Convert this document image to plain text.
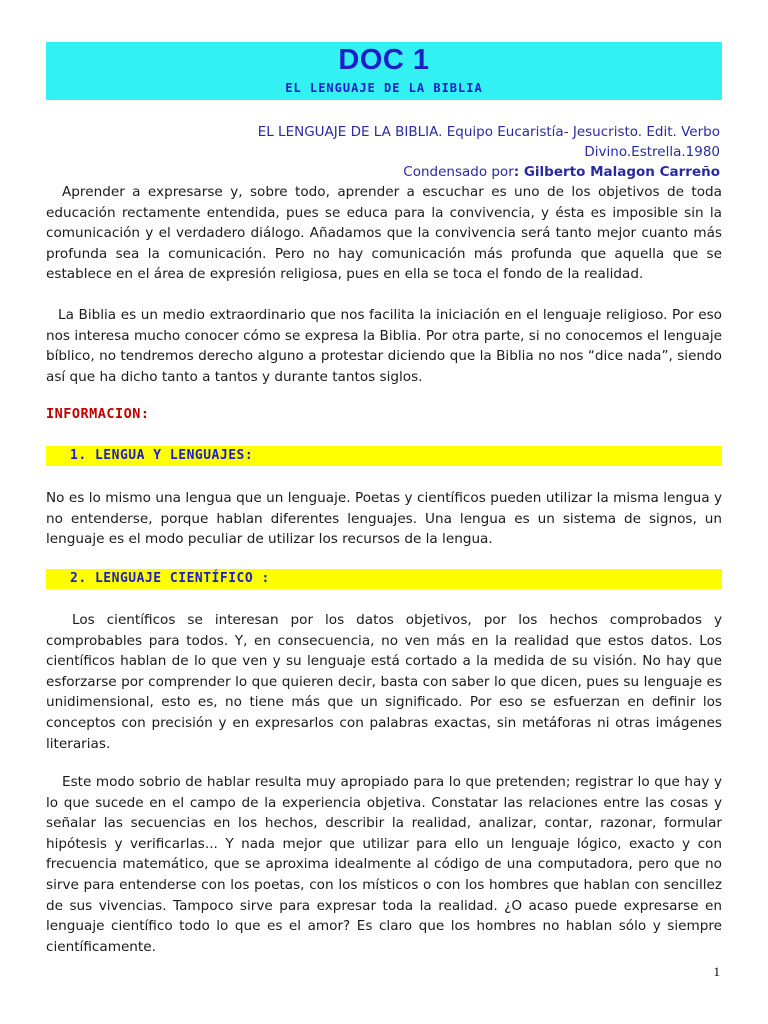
DOC 1
EL LENGUAJE DE LA BIBLIA
EL LENGUAJE DE LA BIBLIA. Equipo Eucaristía- Jesucristo. Edit. Verbo
Divino.Estrella.1980
Condensado por: Gilberto Malagon Carreño
Aprender a expresarse y, sobre todo, aprender a escuchar es uno de los objetivos de toda educación rectamente entendida, pues se educa para la convivencia, y ésta es imposible sin la comunicación y el verdadero diálogo. Añadamos que la convivencia será tanto mejor cuanto más profunda sea la comunicación. Pero no hay comunicación más profunda que aquella que se establece en el área de expresión religiosa, pues en ella se toca el fondo de la realidad.
La Biblia es un medio extraordinario que nos facilita la iniciación en el lenguaje religioso. Por eso nos interesa mucho conocer cómo se expresa la Biblia. Por otra parte, si no conocemos el lenguaje bíblico, no tendremos derecho alguno a protestar diciendo que la Biblia no nos “dice nada”, siendo así que ha dicho tanto a tantos y durante tantos siglos.
INFORMACION:
1. LENGUA Y LENGUAJES:
No es lo mismo una lengua que un lenguaje. Poetas y científicos pueden utilizar la misma lengua y no entenderse, porque hablan diferentes lenguajes. Una lengua es un sistema de signos, un lenguaje es el modo peculiar de utilizar los recursos de la lengua.
2. LENGUAJE CIENTÍFICO :
Los científicos se interesan por los datos objetivos, por los hechos comprobados y comprobables para todos. Y, en consecuencia, no ven más en la realidad que estos datos. Los científicos hablan de lo que ven y su lenguaje está cortado a la medida de su visión. No hay que esforzarse por comprender lo que quieren decir, basta con saber lo que dicen, pues su lenguaje es unidimensional, esto es, no tiene más que un significado. Por eso se esfuerzan en definir los conceptos con precisión y en expresarlos con palabras exactas, sin metáforas ni otras imágenes literarias.
Este modo sobrio de hablar resulta muy apropiado para lo que pretenden; registrar lo que hay y lo que sucede en el campo de la experiencia objetiva. Constatar las relaciones entre las cosas y señalar las secuencias en los hechos, describir la realidad, analizar, contar, razonar, formular hipótesis y verificarlas... Y nada mejor que utilizar para ello un lenguaje lógico, exacto y con frecuencia matemático, que se aproxima idealmente al código de una computadora, pero que no sirve para entenderse con los poetas, con los místicos o con los hombres que hablan con sencillez de sus vivencias. Tampoco sirve para expresar toda la realidad. ¿O acaso puede expresarse en lenguaje científico todo lo que es el amor? Es claro que los hombres no hablan sólo y siempre científicamente.
1
